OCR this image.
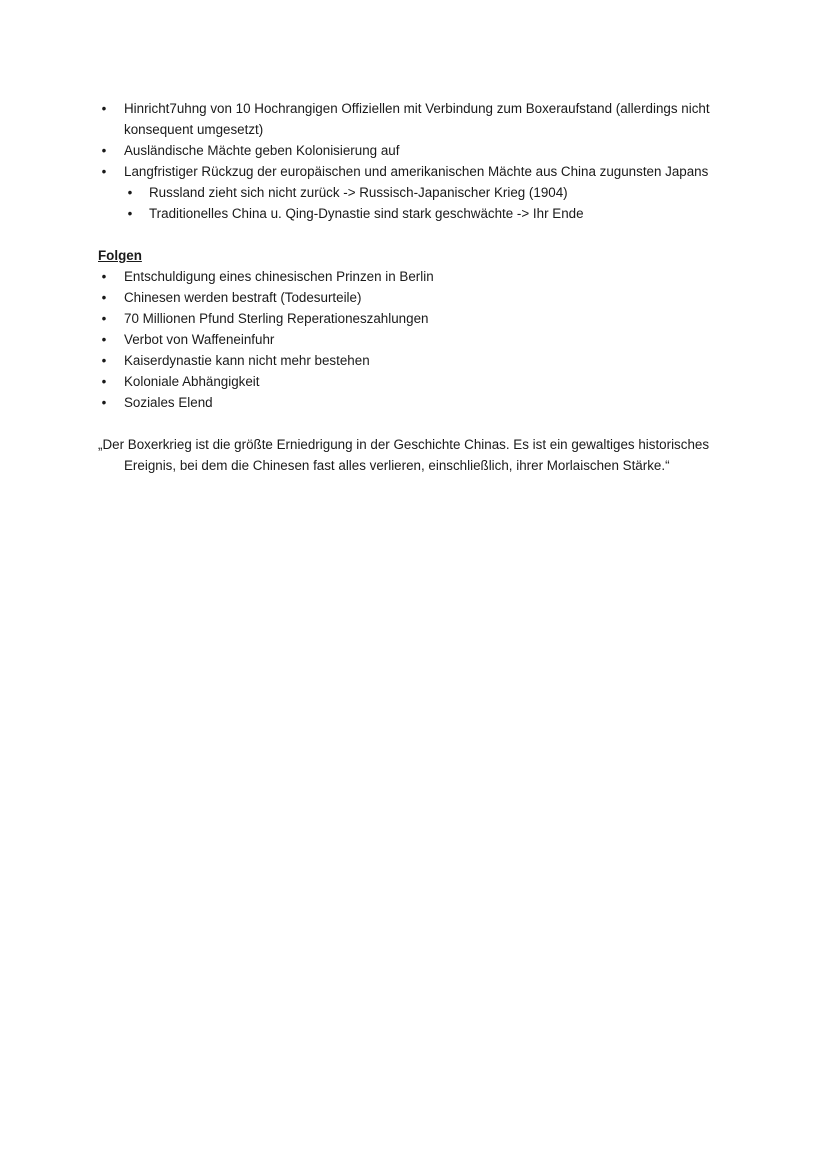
• Hinricht7uhng von 10 Hochrangigen Offiziellen mit Verbindung zum Boxeraufstand (allerdings nicht konsequent umgesetzt)
• Ausländische Mächte geben Kolonisierung auf
• Langfristiger Rückzug der europäischen und amerikanischen Mächte aus China zugunsten Japans
• Russland zieht sich nicht zurück -> Russisch-Japanischer Krieg (1904)
• Traditionelles China u. Qing-Dynastie sind stark geschwächte -> Ihr Ende
Folgen
• Entschuldigung eines chinesischen Prinzen in Berlin
• Chinesen werden bestraft (Todesurteile)
• 70 Millionen Pfund Sterling Reperationeszahlungen
• Verbot von Waffeneinfuhr
• Kaiserdynastie kann nicht mehr bestehen
• Koloniale Abhängigkeit
• Soziales Elend

„Der Boxerkrieg ist die größte Erniedrigung in der Geschichte Chinas. Es ist ein gewaltiges historisches Ereignis, bei dem die Chinesen fast alles verlieren, einschließlich, ihrer Morlaischen Stärke.“
